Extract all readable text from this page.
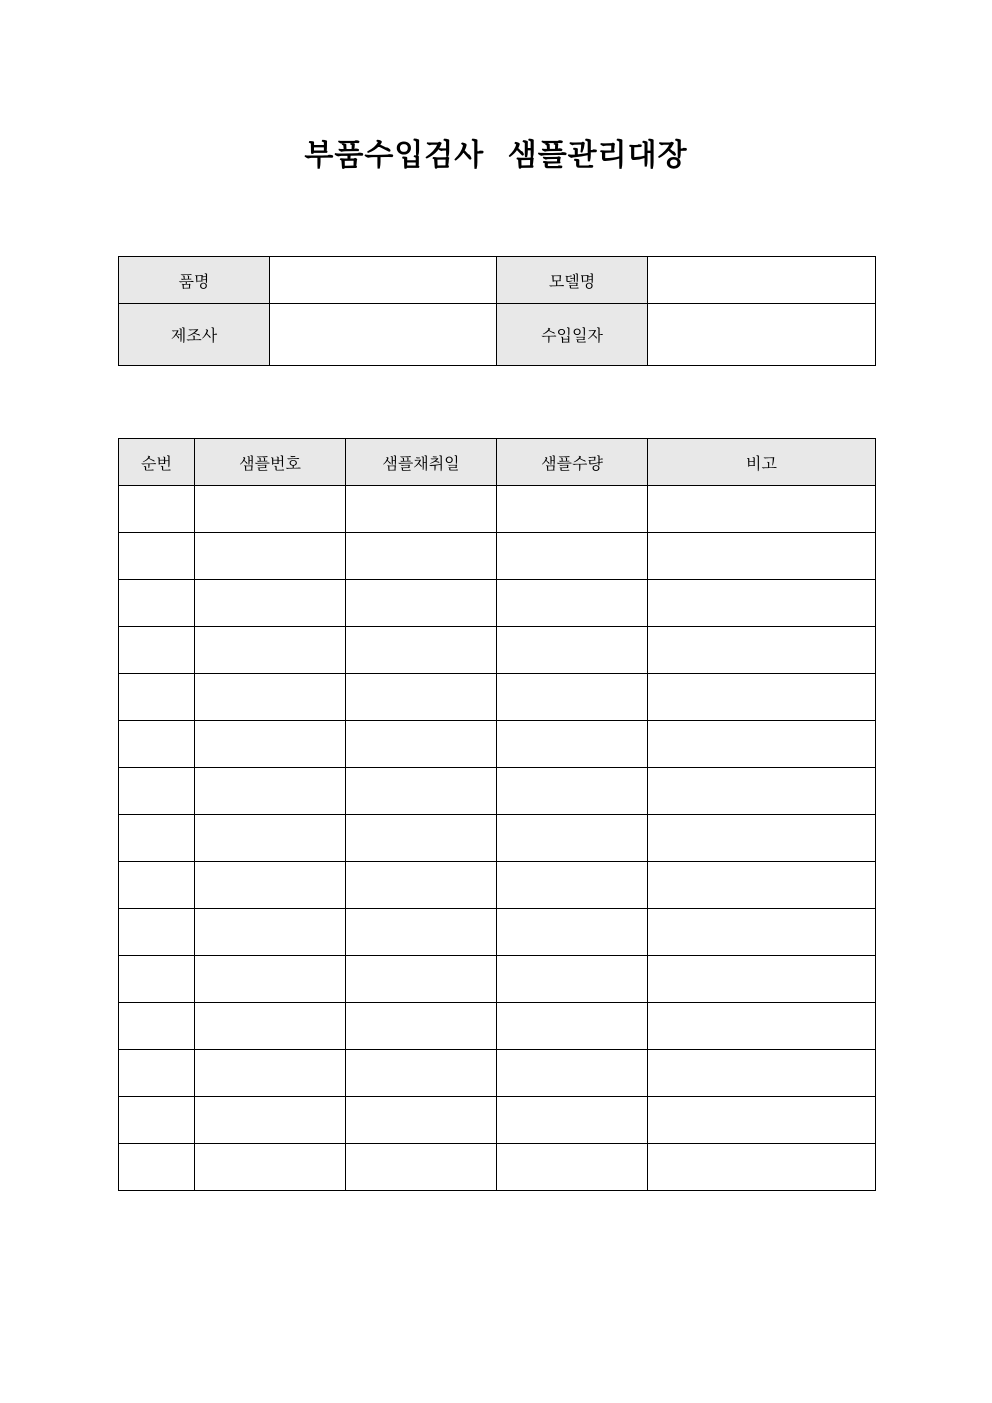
부품수입검사 샘플관리대장
품명		모델명	
제조사		수입일자	
순번	샘플번호	샘플채취일	샘플수량	비고
